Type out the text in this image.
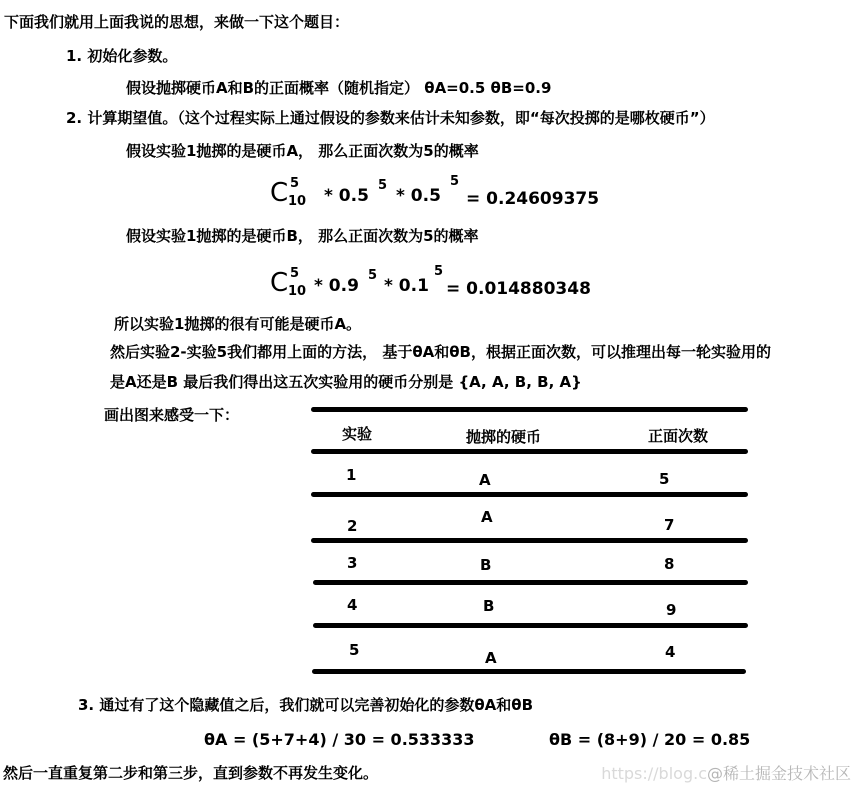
下面我们就用上面我说的思想，来做一下这个题目：
1. 初始化参数。
假设抛掷硬币A和B的正面概率（随机指定） θA=0.5 θB=0.9
2. 计算期望值。（这个过程实际上通过假设的参数来估计未知参数，即“每次投掷的是哪枚硬币”）
假设实验1抛掷的是硬币A， 那么正面次数为5的概率
C 5
10 * 0.5
5
* 0.5
5
= 0.24609375
假设实验1抛掷的是硬币B， 那么正面次数为5的概率
C 5
10 * 0.9
5
* 0.1
5
= 0.014880348
所以实验1抛掷的很有可能是硬币A。
然后实验2-实验5我们都用上面的方法， 基于θA和θB，根据正面次数，可以推理出每一轮实验用的
是A还是B 最后我们得出这五次实验用的硬币分别是 {A, A, B, B, A}
画出图来感受一下：
实验	抛掷的硬币	正面次数
1	A	5
2	A	7
3	B	8
4	B	9
5	A	4
3. 通过有了这个隐藏值之后，我们就可以完善初始化的参数θA和θB
θA = (5+7+4) / 30 = 0.533333	θB = (8+9) / 20 = 0.85
然后一直重复第二步和第三步，直到参数不再发生变化。	https://blog.c@稀土掘金技术社区
